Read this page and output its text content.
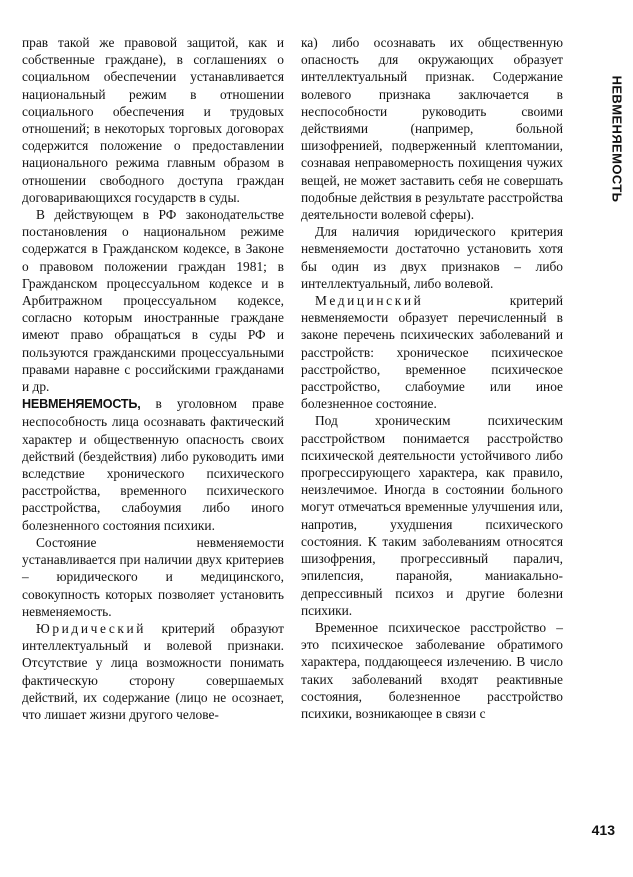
прав такой же правовой защитой, как и собственные граждане), в соглашениях о социальном обеспечении устанавливается национальный режим в отношении социального обеспечения и трудовых отношений; в некоторых торговых договорах содержится положение о предоставлении национального режима главным образом в отношении свободного доступа граждан договаривающихся государств в суды.

В действующем в РФ законодательстве постановления о национальном режиме содержатся в Гражданском кодексе, в Законе о правовом положении граждан 1981; в Гражданском процессуальном кодексе и в Арбитражном процессуальном кодексе, согласно которым иностранные граждане имеют право обращаться в суды РФ и пользуются гражданскими процессуальными правами наравне с российскими гражданами и др.

НЕВМЕНЯЕМОСТЬ, в уголовном праве неспособность лица осознавать фактический характер и общественную опасность своих действий (бездействия) либо руководить ими вследствие хронического психического расстройства, временного психического расстройства, слабоумия либо иного болезненного состояния психики.

Состояние невменяемости устанавливается при наличии двух критериев – юридического и медицинского, совокупность которых позволяет установить невменяемость.

Юридический критерий образуют интеллектуальный и волевой признаки. Отсутствие у лица возможности понимать фактическую сторону совершаемых действий, их содержание (лицо не осознает, что лишает жизни другого челове-

ка) либо осознавать их общественную опасность для окружающих образует интеллектуальный признак. Содержание волевого признака заключается в неспособности руководить своими действиями (например, больной шизофренией, подверженный клептомании, сознавая неправомерность похищения чужих вещей, не может заставить себя не совершать подобные действия в результате расстройства деятельности волевой сферы).

Для наличия юридического критерия невменяемости достаточно установить хотя бы один из двух признаков – либо интеллектуальный, либо волевой.

Медицинский	критерий невменяемости образует перечисленный в законе перечень психических заболеваний и расстройств: хроническое психическое расстройство, временное психическое расстройство, слабоумие или иное болезненное состояние.

Под хроническим психическим расстройством понимается расстройство психической деятельности устойчивого либо прогрессирующего характера, как правило, неизлечимое. Иногда в состоянии больного могут отмечаться временные улучшения или, напротив, ухудшения психического состояния. К таким заболеваниям относятся шизофрения, прогрессивный паралич, эпилепсия, паранойя, маниакально-депрессивный психоз и другие болезни психики.

Временное психическое расстройство – это психическое заболевание обратимого характера, поддающееся излечению. В число таких заболеваний входят реактивные состояния, болезненное расстройство психики, возникающее в связи с

НЕВМЕНЯЕМОСТЬ
413
